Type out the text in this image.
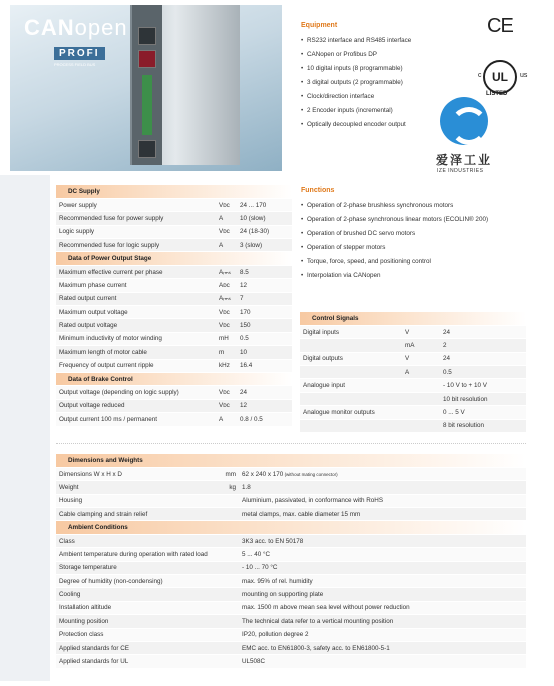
CANopen
PROFI
PROCESS FIELD BUS
Equipment
• RS232 interface and RS485 interface
• CANopen or Profibus DP
• 10 digital inputs (8 programmable)
• 3 digital outputs (2 programmable)
• Clock/direction interface
• 2 Encoder inputs (incremental)
• Optically decoupled encoder output
CE
c UL	us
LISTED
爱泽工业
IZE INDUSTRIES
Functions
• Operation of 2-phase brushless synchronous motors
• Operation of 2-phase synchronous linear motors (ECOLIN® 200)
• Operation of brushed DC servo motors
• Operation of stepper motors
• Torque, force, speed, and positioning control
• Interpolation via CANopen
DC Supply		
Power supply	Vᴅᴄ	24 ... 170
Recommended fuse for power supply	A	10 (slow)
Logic supply	Vᴅᴄ	24 (18-30)
Recommended fuse for logic supply	A	3 (slow)
Data of Power Output Stage		
Maximum effective current per phase	Aᵣₘₛ	8.5
Maximum phase current	Aᴅᴄ	12
Rated output current	Aᵣₘₛ	7
Maximum output voltage	Vᴅᴄ	170
Rated output voltage	Vᴅᴄ	150
Minimum inductivity of motor winding	mH	0.5
Maximum length of motor cable	m	10
Frequency of output current ripple	kHz	16.4
Data of Brake Control		
Output voltage (depending on logic supply)	Vᴅᴄ	24
Output voltage reduced	Vᴅᴄ	12
Output current 100 ms / permanent	A	0.8 / 0.5
Control Signals		
Digital inputs	V	24
	mA	2
Digital outputs	V	24
	A	0.5
Analogue input		- 10 V to + 10 V
		10 bit resolution
Analogue monitor outputs		0 ... 5 V
		8 bit resolution
Dimensions and Weights		
Dimensions W x H x D	mm	62 x 240 x 170 (without mating connector)
Weight	kg	1.8
Housing		Aluminium, passivated, in conformance with RoHS
Cable clamping and strain relief		metal clamps, max. cable diameter 15 mm
Ambient Conditions		
Class		3K3 acc. to EN 50178
Ambient temperature during operation with rated load		5 ... 40 °C
Storage temperature		- 10 ... 70 °C
Degree of humidity (non-condensing)		max. 95% of rel. humidity
Cooling		mounting on supporting plate
Installation altitude		max. 1500 m above mean sea level without power reduction
Mounting position		The technical data refer to a vertical mounting position
Protection class		IP20, pollution degree 2
Applied standards for CE		EMC acc. to EN61800-3, safety acc. to EN61800-5-1
Applied standards for UL		UL508C
